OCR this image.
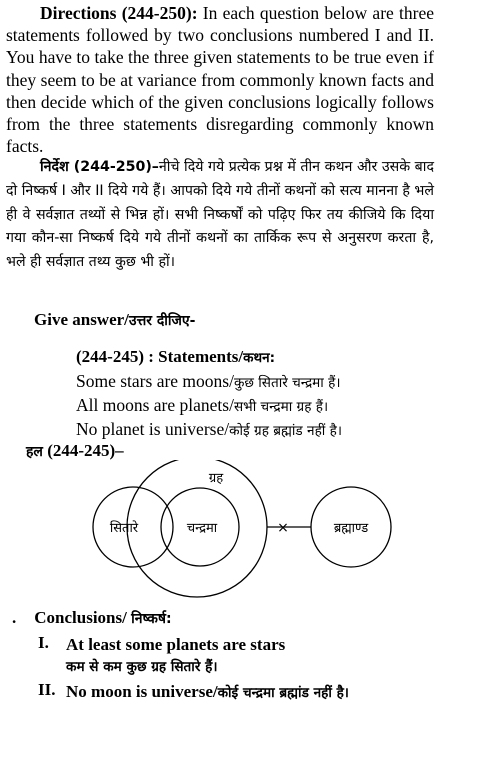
Directions (244-250): In each question below are three statements followed by two conclusions numbered I and II. You have to take the three given statements to be true even if they seem to be at variance from commonly known facts and then decide which of the given conclusions logically follows from the three statements disregarding commonly known facts.

निर्देश (244-250)–नीचे दिये गये प्रत्येक प्रश्न में तीन कथन और उसके बाद दो निष्कर्ष I और II दिये गये हैं। आपको दिये गये तीनों कथनों को सत्य मानना है भले ही वे सर्वज्ञात तथ्यों से भिन्न हों। सभी निष्कर्षों को पढ़िए फिर तय कीजिये कि दिया गया कौन-सा निष्कर्ष दिये गये तीनों कथनों का तार्किक रूप से अनुसरण करता है, भले ही सर्वज्ञात तथ्य कुछ भी हों।

Give answer/उत्तर दीजिए-

(244-245) : Statements/कथन:
Some stars are moons/कुछ सितारे चन्द्रमा हैं।
All moons are planets/सभी चन्द्रमा ग्रह हैं।
No planet is universe/कोई ग्रह ब्रह्मांड नहीं है।

हल (244-245)–

×
सितारे	चन्द्रमा
ग्रह
ब्रह्माण्ड

. Conclusions/ निष्कर्ष:

I. At least some planets are stars
कम से कम कुछ ग्रह सितारे हैं।
II. No moon is universe/कोई चन्द्रमा ब्रह्मांड नहीं है।
